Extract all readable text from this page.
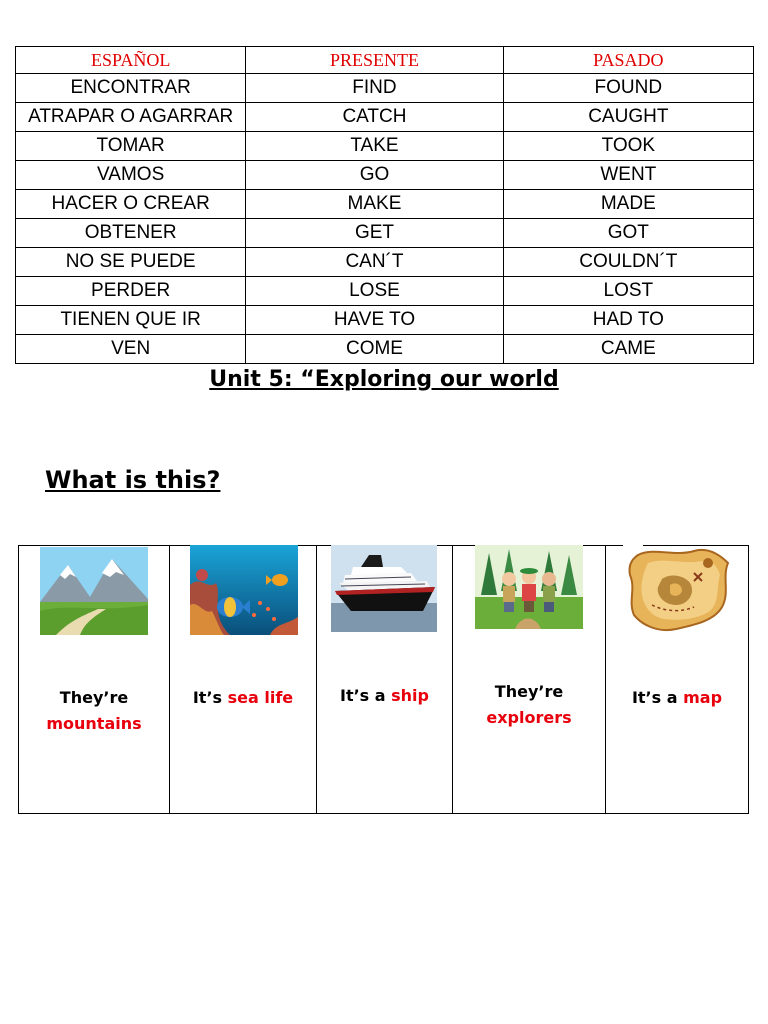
ESPAÑOL	PRESENTE	PASADO
ENCONTRAR	FIND	FOUND
ATRAPAR O AGARRAR	CATCH	CAUGHT
TOMAR	TAKE	TOOK
VAMOS	GO	WENT
HACER O CREAR	MAKE	MADE
OBTENER	GET	GOT
NO SE PUEDE	CAN´T	COULDN´T
PERDER	LOSE	LOST
TIENEN QUE IR	HAVE TO	HAD TO
VEN	COME	CAME
Unit 5: “Exploring our world
What is this?
They’re
mountains
It’s sea life	It’s a ship	They’re
explorers
It’s a map
